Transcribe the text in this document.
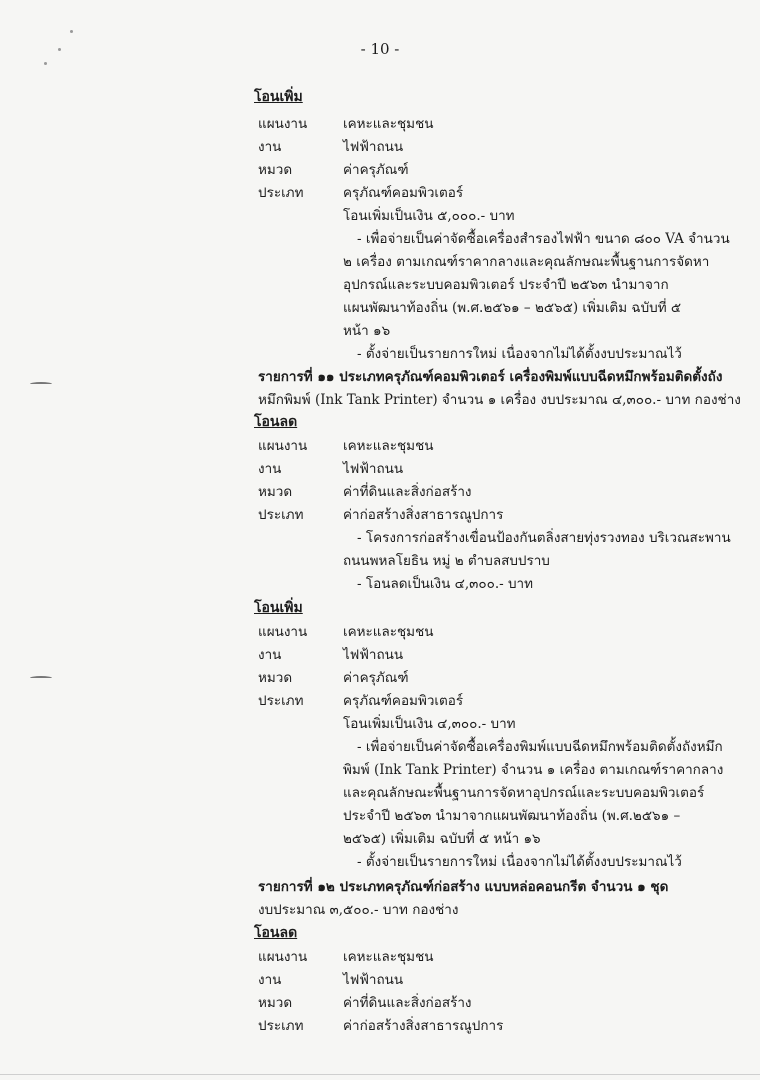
- 10 -
โอนเพิ่ม
แผนงาน	เคหะและชุมชน
งาน	ไฟฟ้าถนน
หมวด	ค่าครุภัณฑ์
ประเภท	ครุภัณฑ์คอมพิวเตอร์
โอนเพิ่มเป็นเงิน ๕,๐๐๐.- บาท
- เพื่อจ่ายเป็นค่าจัดซื้อเครื่องสำรองไฟฟ้า ขนาด ๘๐๐ VA จำนวน
๒ เครื่อง ตามเกณฑ์ราคากลางและคุณลักษณะพื้นฐานการจัดหา
อุปกรณ์และระบบคอมพิวเตอร์ ประจำปี ๒๕๖๓ นำมาจาก
แผนพัฒนาท้องถิ่น (พ.ศ.๒๕๖๑ – ๒๕๖๕) เพิ่มเติม ฉบับที่ ๕
หน้า ๑๖
- ตั้งจ่ายเป็นรายการใหม่ เนื่องจากไม่ได้ตั้งงบประมาณไว้
รายการที่ ๑๑ ประเภทครุภัณฑ์คอมพิวเตอร์ เครื่องพิมพ์แบบฉีดหมึกพร้อมติดตั้งถัง
หมึกพิมพ์ (Ink Tank Printer) จำนวน ๑ เครื่อง งบประมาณ ๔,๓๐๐.- บาท กองช่าง
โอนลด
แผนงาน	เคหะและชุมชน
งาน	ไฟฟ้าถนน
หมวด	ค่าที่ดินและสิ่งก่อสร้าง
ประเภท	ค่าก่อสร้างสิ่งสาธารณูปการ
- โครงการก่อสร้างเขื่อนป้องกันตลิ่งสายทุ่งรวงทอง บริเวณสะพาน
ถนนพหลโยธิน หมู่ ๒ ตำบลสบปราบ
- โอนลดเป็นเงิน ๔,๓๐๐.- บาท
โอนเพิ่ม
แผนงาน	เคหะและชุมชน
งาน	ไฟฟ้าถนน
หมวด	ค่าครุภัณฑ์
ประเภท	ครุภัณฑ์คอมพิวเตอร์
โอนเพิ่มเป็นเงิน ๔,๓๐๐.- บาท
- เพื่อจ่ายเป็นค่าจัดซื้อเครื่องพิมพ์แบบฉีดหมึกพร้อมติดตั้งถังหมึก
พิมพ์ (Ink Tank Printer) จำนวน ๑ เครื่อง ตามเกณฑ์ราคากลาง
และคุณลักษณะพื้นฐานการจัดหาอุปกรณ์และระบบคอมพิวเตอร์
ประจำปี ๒๕๖๓ นำมาจากแผนพัฒนาท้องถิ่น (พ.ศ.๒๕๖๑ –
๒๕๖๕) เพิ่มเติม ฉบับที่ ๕ หน้า ๑๖
- ตั้งจ่ายเป็นรายการใหม่ เนื่องจากไม่ได้ตั้งงบประมาณไว้
รายการที่ ๑๒ ประเภทครุภัณฑ์ก่อสร้าง แบบหล่อคอนกรีต จำนวน ๑ ชุด
งบประมาณ ๓,๕๐๐.- บาท กองช่าง
โอนลด
แผนงาน	เคหะและชุมชน
งาน	ไฟฟ้าถนน
หมวด	ค่าที่ดินและสิ่งก่อสร้าง
ประเภท	ค่าก่อสร้างสิ่งสาธารณูปการ
